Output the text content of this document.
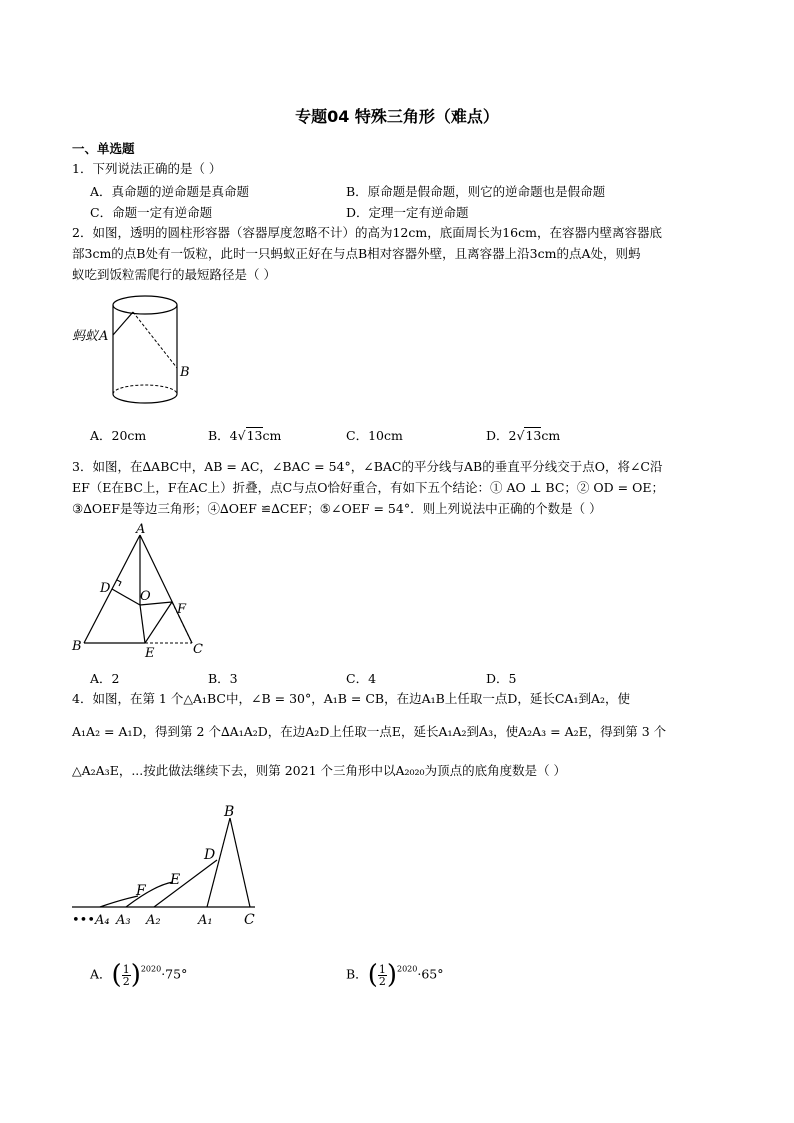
专题04 特殊三角形（难点）
一、单选题
1．下列说法正确的是（ ）
A．真命题的逆命题是真命题	B．原命题是假命题，则它的逆命题也是假命题
C．命题一定有逆命题	D．定理一定有逆命题
2．如图，透明的圆柱形容器（容器厚度忽略不计）的高为12cm，底面周长为16cm，在容器内壁离容器底
部3cm的点B处有一饭粒，此时一只蚂蚁正好在与点B相对容器外壁，且离容器上沿3cm的点A处，则蚂
蚁吃到饭粒需爬行的最短路径是（ ）
蚂蚁 A
B
A．20cm	B．4√13cm	C．10cm	D．2√13cm
3．如图，在∆ABC中，AB = AC，∠BAC = 54°，∠BAC的平分线与AB的垂直平分线交于点O，将∠C沿
EF（E在BC上，F在AC上）折叠，点C与点O恰好重合，有如下五个结论：① AO ⊥ BC；② OD = OE；
③∆OEF是等边三角形；④∆OEF ≌∆CEF；⑤∠OEF = 54°．则上列说法中正确的个数是（ ）
A
D
O
F
B	E	C
A．2	B．3	C．4	D．5
4．如图，在第 1 个△A₁BC中，∠B = 30°，A₁B = CB，在边A₁B上任取一点D，延长CA₁到A₂，使
A₁A₂ = A₁D，得到第 2 个∆A₁A₂D，在边A₂D上任取一点E，延长A₁A₂到A₃，使A₂A₃ = A₂E，得到第 3 个
△A₂A₃E，...按此做法继续下去，则第 2021 个三角形中以A₂₀₂₀为顶点的底角度数是（ ）
B
D
E
F
•••A₄ A₃ A₂	A₁ C
A．( $\frac{1}{2} )^{2020}\cdot 75^\circ$	B．( $\frac{1}{2} )^{2020}\cdot 65^\circ$
